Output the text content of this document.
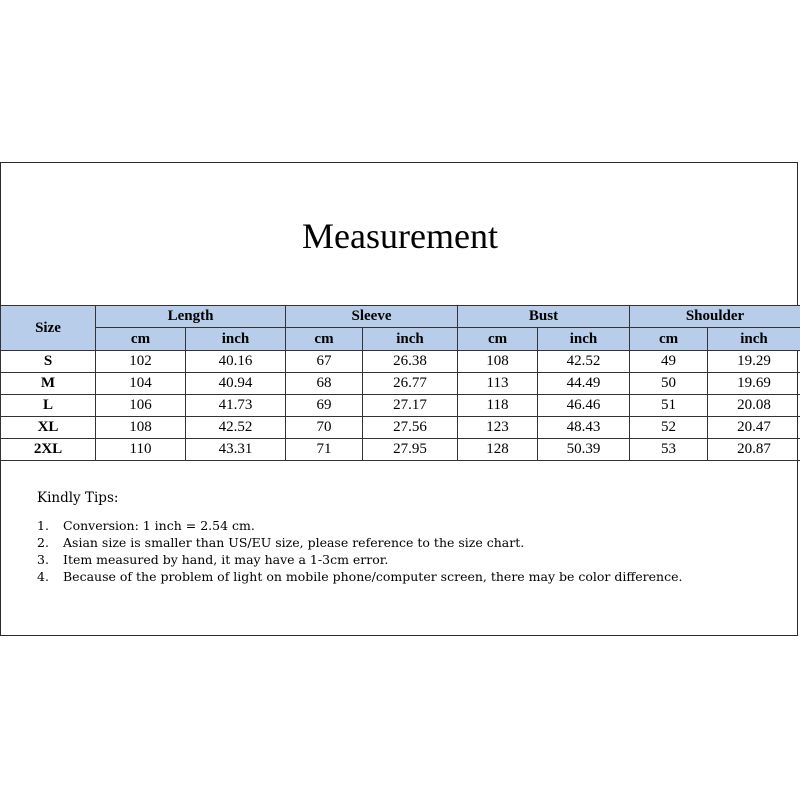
Measurement
Size	Length		Sleeve		Bust		Shoulder	
	cm	inch	cm	inch	cm	inch	cm	inch
S	102	40.16	67	26.38	108	42.52	49	19.29
M	104	40.94	68	26.77	113	44.49	50	19.69
L	106	41.73	69	27.17	118	46.46	51	20.08
XL	108	42.52	70	27.56	123	48.43	52	20.47
2XL	110	43.31	71	27.95	128	50.39	53	20.87
Kindly Tips:
1. Conversion: 1 inch = 2.54 cm.
2. Asian size is smaller than US/EU size, please reference to the size chart.
3. Item measured by hand, it may have a 1-3cm error.
4. Because of the problem of light on mobile phone/computer screen, there may be color difference.
